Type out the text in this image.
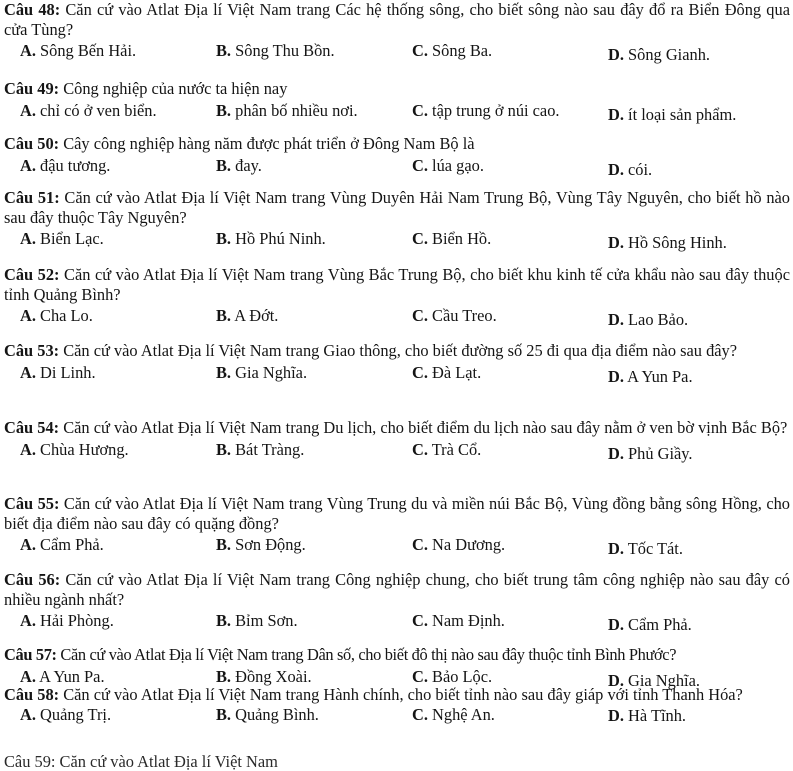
Câu 48: Căn cứ vào Atlat Địa lí Việt Nam trang Các hệ thống sông, cho biết sông nào sau đây đổ ra Biển Đông qua cửa Tùng?

A. Sông Bến Hải.	B. Sông Thu Bồn.	C. Sông Ba.	D. Sông Gianh.

Câu 49: Công nghiệp của nước ta hiện nay

A. chỉ có ở ven biển.	B. phân bố nhiều nơi.	C. tập trung ở núi cao.	D. ít loại sản phẩm.

Câu 50: Cây công nghiệp hàng năm được phát triển ở Đông Nam Bộ là

A. đậu tương.	B. đay.	C. lúa gạo.	D. cói.

Câu 51: Căn cứ vào Atlat Địa lí Việt Nam trang Vùng Duyên Hải Nam Trung Bộ, Vùng Tây Nguyên, cho biết hồ nào sau đây thuộc Tây Nguyên?

A. Biển Lạc.	B. Hồ Phú Ninh.	C. Biển Hồ.	D. Hồ Sông Hinh.

Câu 52: Căn cứ vào Atlat Địa lí Việt Nam trang Vùng Bắc Trung Bộ, cho biết khu kinh tế cửa khẩu nào sau đây thuộc tỉnh Quảng Bình?

A. Cha Lo.	B. A Đớt.	C. Cầu Treo.	D. Lao Bảo.

Câu 53: Căn cứ vào Atlat Địa lí Việt Nam trang Giao thông, cho biết đường số 25 đi qua địa điểm nào sau đây?

A. Di Linh.	B. Gia Nghĩa.	C. Đà Lạt.	D. A Yun Pa.

Câu 54: Căn cứ vào Atlat Địa lí Việt Nam trang Du lịch, cho biết điểm du lịch nào sau đây nằm ở ven bờ vịnh Bắc Bộ?

A. Chùa Hương.	B. Bát Tràng.	C. Trà Cổ.	D. Phủ Giầy.

Câu 55: Căn cứ vào Atlat Địa lí Việt Nam trang Vùng Trung du và miền núi Bắc Bộ, Vùng đồng bằng sông Hồng, cho biết địa điểm nào sau đây có quặng đồng?

A. Cẩm Phả.	B. Sơn Động.	C. Na Dương.	D. Tốc Tát.

Câu 56: Căn cứ vào Atlat Địa lí Việt Nam trang Công nghiệp chung, cho biết trung tâm công nghiệp nào sau đây có nhiều ngành nhất?

A. Hải Phòng.	B. Bỉm Sơn.	C. Nam Định.	D. Cẩm Phả.

Câu 57: Căn cứ vào Atlat Địa lí Việt Nam trang Dân số, cho biết đô thị nào sau đây thuộc tỉnh Bình Phước?

A. A Yun Pa.	B. Đồng Xoài.	C. Bảo Lộc.	D. Gia Nghĩa.

Câu 58: Căn cứ vào Atlat Địa lí Việt Nam trang Hành chính, cho biết tỉnh nào sau đây giáp với tỉnh Thanh Hóa?

A. Quảng Trị.	B. Quảng Bình.	C. Nghệ An.	D. Hà Tĩnh.
Câu 59: Căn cứ vào Atlat Địa lí Việt Nam
